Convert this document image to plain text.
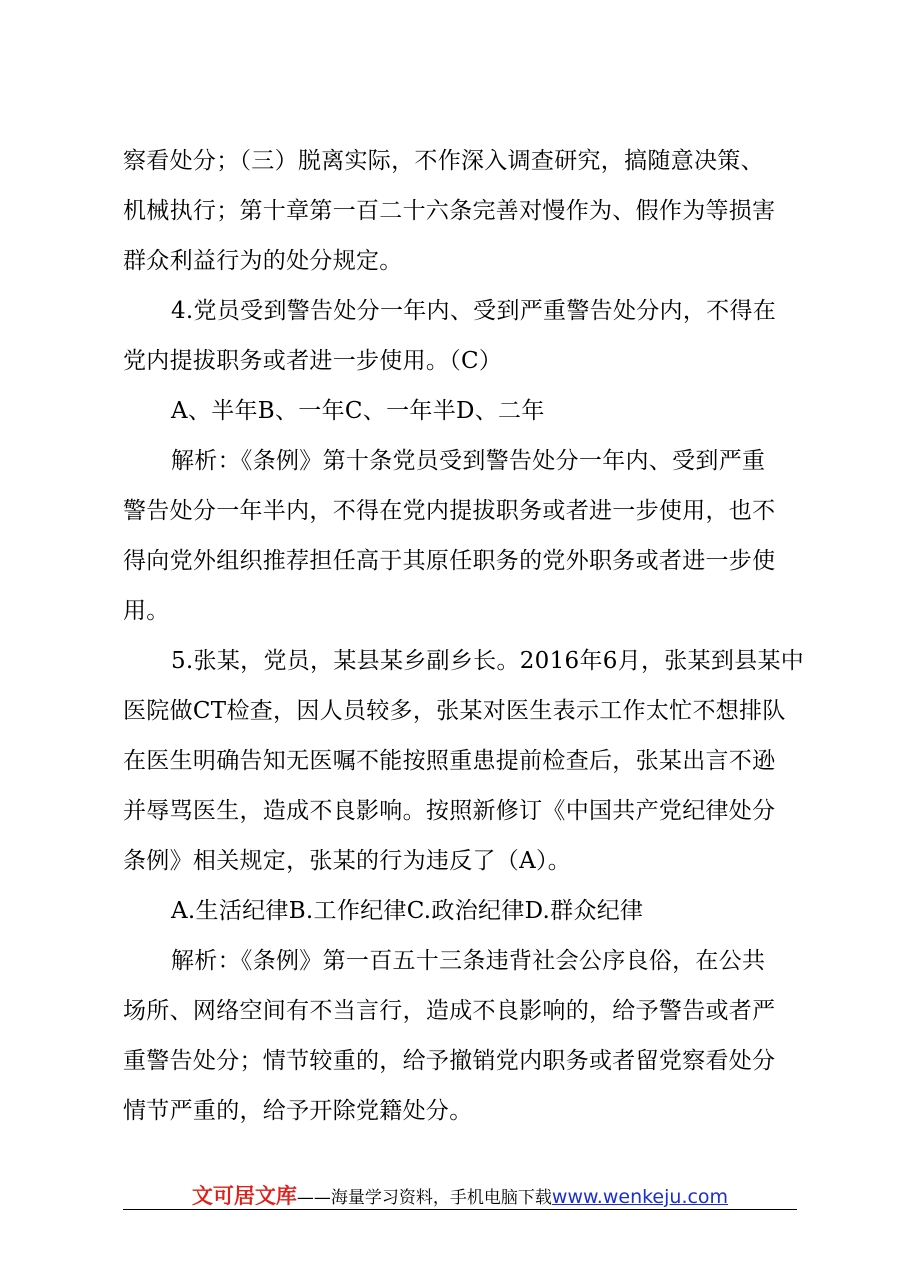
察看处分；（三）脱离实际，不作深入调查研究，搞随意决策、
机械执行；第十章第一百二十六条完善对慢作为、假作为等损害
群众利益行为的处分规定。
4.党员受到警告处分一年内、受到严重警告处分内，不得在
党内提拔职务或者进一步使用。（C）
A、半年B、一年C、一年半D、二年
解析：《条例》第十条党员受到警告处分一年内、受到严重
警告处分一年半内，不得在党内提拔职务或者进一步使用，也不
得向党外组织推荐担任高于其原任职务的党外职务或者进一步使
用。
5.张某，党员，某县某乡副乡长。2016年6月，张某到县某中
医院做CT检查，因人员较多，张某对医生表示工作太忙不想排队
在医生明确告知无医嘱不能按照重患提前检查后，张某出言不逊
并辱骂医生，造成不良影响。按照新修订《中国共产党纪律处分
条例》相关规定，张某的行为违反了（A）。
A.生活纪律B.工作纪律C.政治纪律D.群众纪律
解析：《条例》第一百五十三条违背社会公序良俗，在公共
场所、网络空间有不当言行，造成不良影响的，给予警告或者严
重警告处分；情节较重的，给予撤销党内职务或者留党察看处分
情节严重的，给予开除党籍处分。
文可居文库——海量学习资料，手机电脑下载www.wenkeju.com
